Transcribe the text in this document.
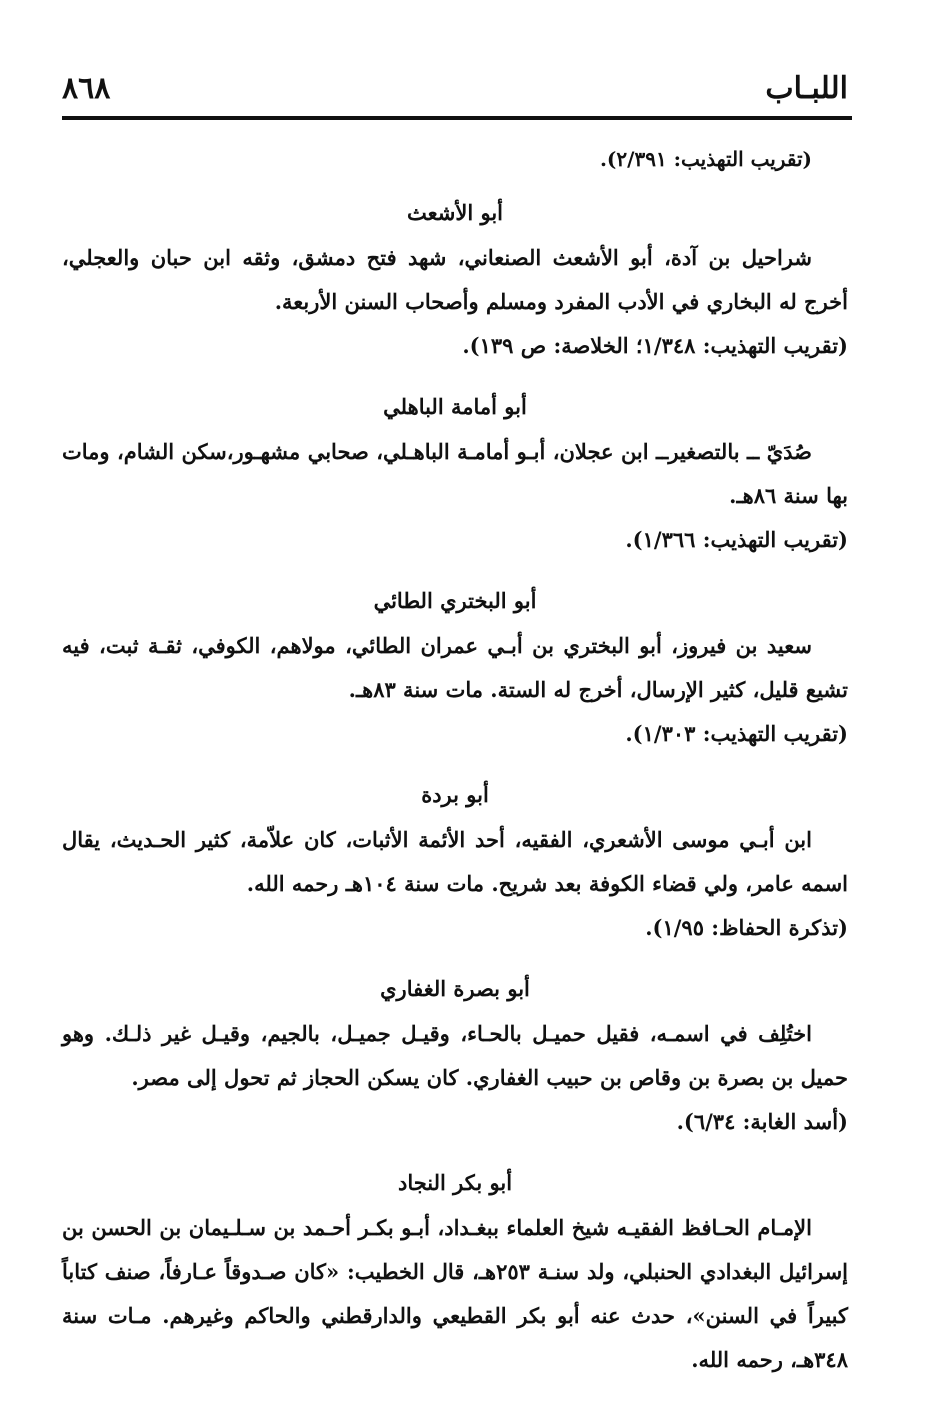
اللبـاب
٨٦٨

(تقريب التهذيب: ٢/٣٩١).

أبو الأشعث

شراحيل بن آدة، أبو الأشعث الصنعاني، شهد فتح دمشق، وثقه ابن حبان والعجلي، أخرج له البخاري في الأدب المفرد ومسلم وأصحاب السنن الأربعة.

(تقريب التهذيب: ١/٣٤٨؛ الخلاصة: ص ١٣٩).

أبو أمامة الباهلي

صُدَيّ ــ بالتصغيرــ ابن عجلان، أبـو أمامـة الباهـلي، صحابي مشهـور،سكن الشام، ومات بها سنة ٨٦هـ.

(تقريب التهذيب: ١/٣٦٦).

أبو البختري الطائي

سعيد بن فيروز، أبو البختري بن أبـي عمران الطائي، مولاهم، الكوفي، ثقـة ثبت، فيه تشيع قليل، كثير الإرسال، أخرج له الستة. مات سنة ٨٣هـ.

(تقريب التهذيب: ١/٣٠٣).

أبو بردة

ابن أبـي موسى الأشعري، الفقيه، أحد الأئمة الأثبات، كان علاّمة، كثير الحـديث، يقال اسمه عامر، ولي قضاء الكوفة بعد شريح. مات سنة ١٠٤هـ رحمه الله.

(تذكرة الحفاظ: ١/٩٥).

أبو بصرة الغفاري

اختُلِف في اسمـه، فقيل حميـل بالحـاء، وقيـل جميـل، بالجيم، وقيـل غير ذلـك. وهو حميل بن بصرة بن وقاص بن حبيب الغفاري. كان يسكن الحجاز ثم تحول إلى مصر.

(أسد الغابة: ٦/٣٤).

أبو بكر النجاد

الإمـام الحـافظ الفقيـه شيخ العلماء ببغـداد، أبـو بكـر أحـمد بن سـلـيمان بن الحسن بن إسرائيل البغدادي الحنبلي، ولد سنـة ٢٥٣هـ، قال الخطيب: «كان صـدوقاً عـارفاً، صنف كتاباً كبيراً في السنن»، حدث عنه أبو بكر القطيعي والدارقطني والحاكم وغيرهم. مـات سنة ٣٤٨هـ، رحمه الله.
